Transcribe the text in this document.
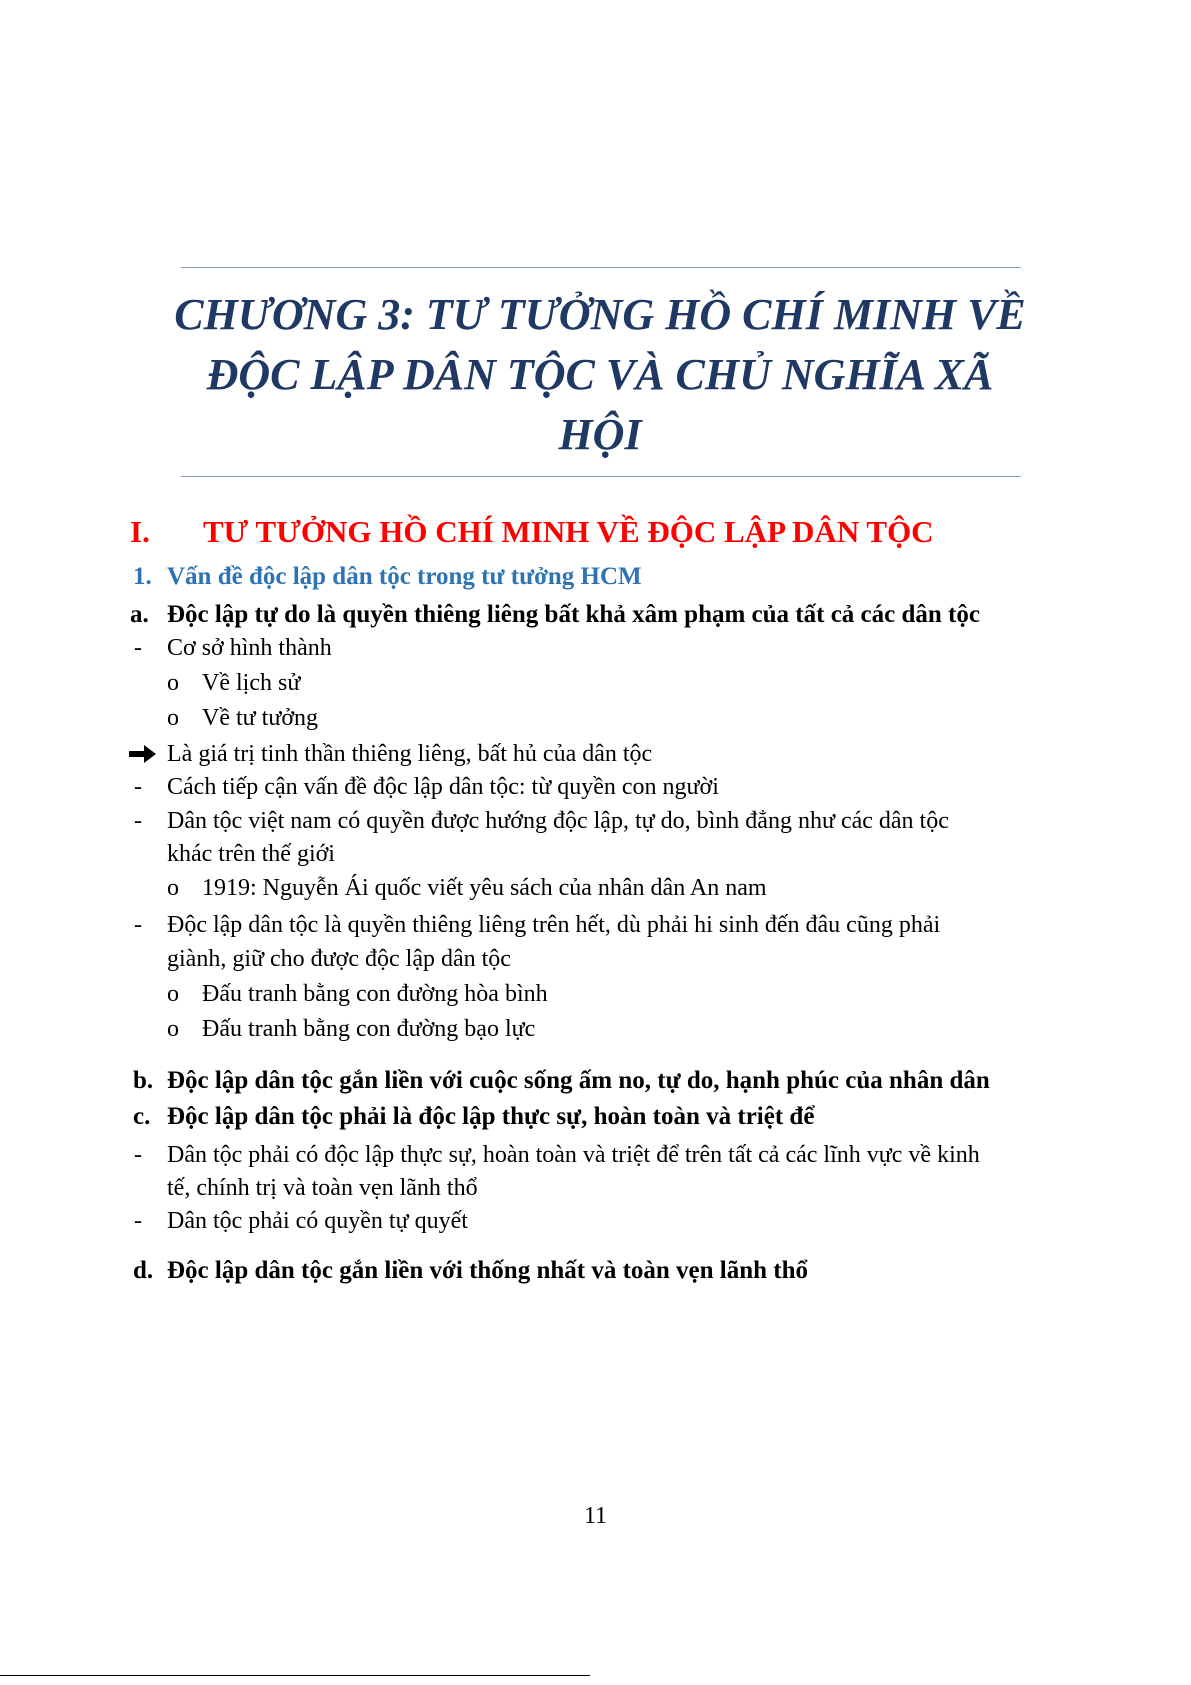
CHƯƠNG 3: TƯ TƯỞNG HỒ CHÍ MINH VỀ ĐỘC LẬP DÂN TỘC VÀ CHỦ NGHĨA XÃ HỘI
I. TƯ TƯỞNG HỒ CHÍ MINH VỀ ĐỘC LẬP DÂN TỘC
1. Vấn đề độc lập dân tộc trong tư tưởng HCM
a. Độc lập tự do là quyền thiêng liêng bất khả xâm phạm của tất cả các dân tộc
- Cơ sở hình thành
o Về lịch sử
o Về tư tưởng
Là giá trị tinh thần thiêng liêng, bất hủ của dân tộc
- Cách tiếp cận vấn đề độc lập dân tộc: từ quyền con người
- Dân tộc việt nam có quyền được hướng độc lập, tự do, bình đẳng như các dân tộc
khác trên thế giới
o 1919: Nguyễn Ái quốc viết yêu sách của nhân dân An nam
- Độc lập dân tộc là quyền thiêng liêng trên hết, dù phải hi sinh đến đâu cũng phải
giành, giữ cho được độc lập dân tộc
o Đấu tranh bằng con đường hòa bình
o Đấu tranh bằng con đường bạo lực
b. Độc lập dân tộc gắn liền với cuộc sống ấm no, tự do, hạnh phúc của nhân dân
c. Độc lập dân tộc phải là độc lập thực sự, hoàn toàn và triệt để
- Dân tộc phải có độc lập thực sự, hoàn toàn và triệt để trên tất cả các lĩnh vực về kinh
tế, chính trị và toàn vẹn lãnh thổ
- Dân tộc phải có quyền tự quyết
d. Độc lập dân tộc gắn liền với thống nhất và toàn vẹn lãnh thổ
11
